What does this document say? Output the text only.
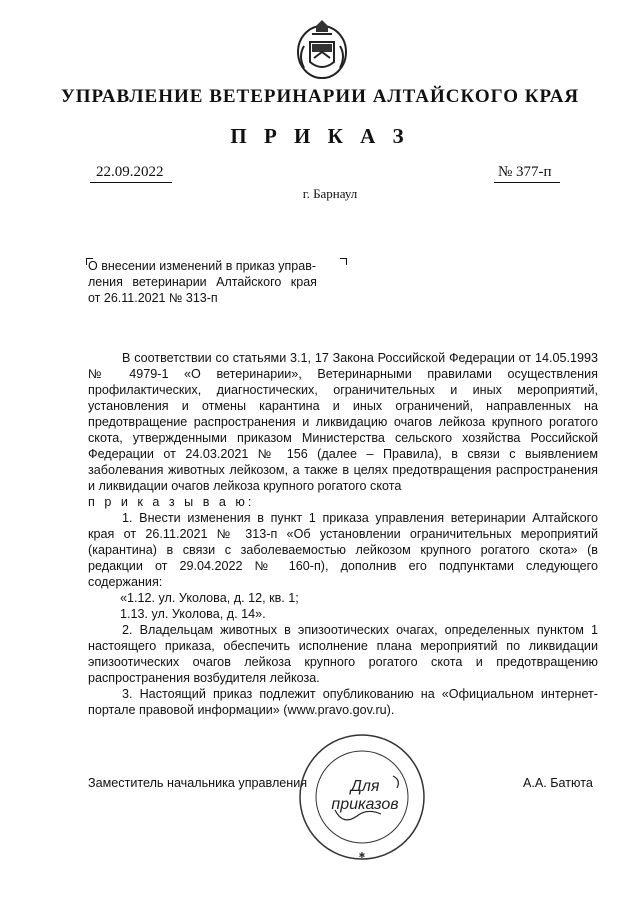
УПРАВЛЕНИЕ ВЕТЕРИНАРИИ АЛТАЙСКОГО КРАЯ
П Р И К А З
22.09.2022	№ 377-п
г. Барнаул
О внесении изменений в приказ управ-
ления ветеринарии Алтайского края
от 26.11.2021 № 313-п

В соответствии со статьями 3.1, 17 Закона Российской Федерации от 14.05.1993 № 4979-1 «О ветеринарии», Ветеринарными правилами осуществления профилактических, диагностических, ограничительных и иных мероприятий, установления и отмены карантина и иных ограничений, направленных на предотвращение распространения и ликвидацию очагов лейкоза крупного рогатого скота, утвержденными приказом Министерства сельского хозяйства Российской Федерации от 24.03.2021 № 156 (далее – Правила), в связи с выявлением заболевания животных лейкозом, а также в целях предотвращения распространения и ликвидации очагов лейкоза крупного рогатого скота

п р и к а з ы в а ю:

1. Внести изменения в пункт 1 приказа управления ветеринарии Алтайского края от 26.11.2021 № 313-п «Об установлении ограничительных мероприятий (карантина) в связи с заболеваемостью лейкозом крупного рогатого скота» (в редакции от 29.04.2022 № 160-п), дополнив его подпунктами следующего содержания:

«1.12. ул. Уколова, д. 12, кв. 1;

1.13. ул. Уколова, д. 14».

2. Владельцам животных в эпизоотических очагах, определенных пунктом 1 настоящего приказа, обеспечить исполнение плана мероприятий по ликвидации эпизоотических очагов лейкоза крупного рогатого скота и предотвращению распространения возбудителя лейкоза.

3. Настоящий приказ подлежит опубликованию на «Официальном интернет-портале правовой информации» (www.pravo.gov.ru).

Заместитель начальника управления	А.А. Батюта
✱
Для
приказов
